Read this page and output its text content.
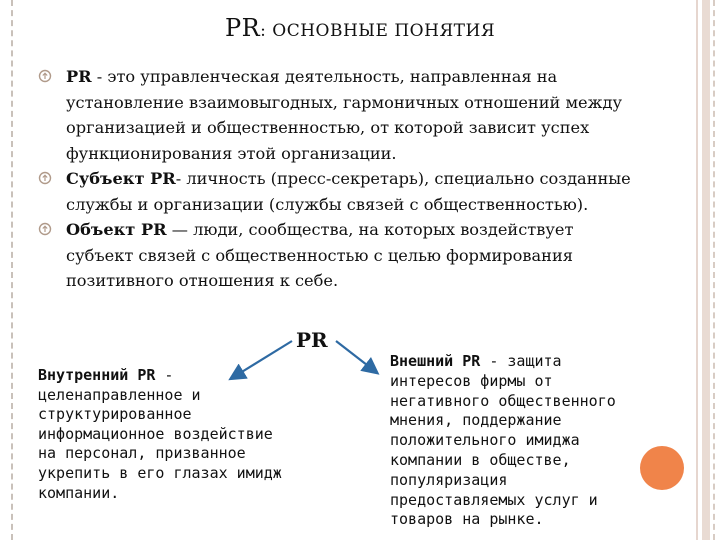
PR: ОСНОВНЫЕ ПОНЯТИЯ
PR - это управленческая деятельность, направленная на установление взаимовыгодных, гармоничных отношений между организацией и общественностью, от которой зависит успех функционирования этой организации.
Субъект PR- личность (пресс-секретарь), специально созданные службы и организации (службы связей с общественностью).
Объект PR — люди, сообщества, на которых воздействует субъект связей с общественностью с целью формирования позитивного отношения к себе.
PR
Внутренний PR - целенаправленное и структурированное информационное воздействие на персонал, призванное укрепить в его глазах имидж компании.
Внешний PR - защита интересов фирмы от негативного общественного мнения, поддержание положительного имиджа компании в обществе, популяризация предоставляемых услуг и товаров на рынке.
